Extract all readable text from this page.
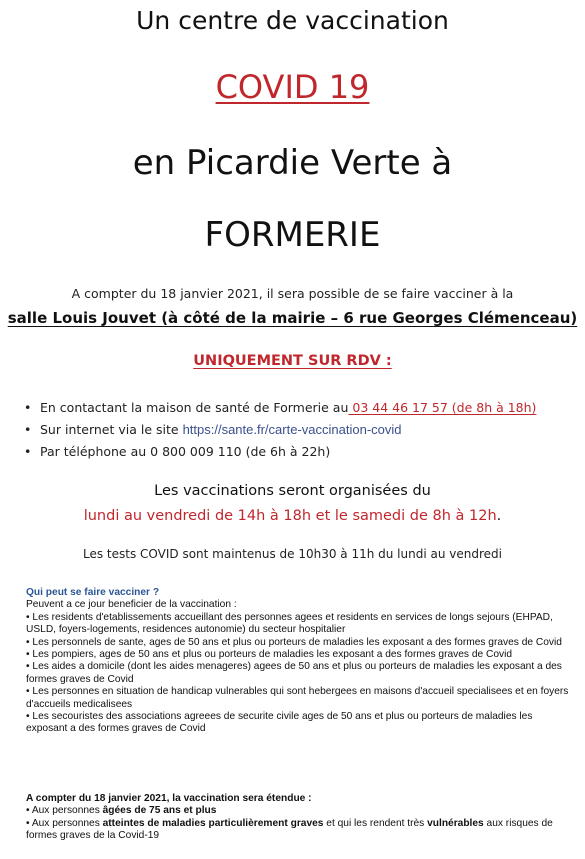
Un centre de vaccination
COVID 19
en Picardie Verte à
FORMERIE
A compter du 18 janvier 2021, il sera possible de se faire vacciner à la
salle Louis Jouvet (à côté de la mairie – 6 rue Georges Clémenceau)
UNIQUEMENT SUR RDV :
• En contactant la maison de santé de Formerie au 03 44 46 17 57 (de 8h à 18h)
• Sur internet via le site https://sante.fr/carte-vaccination-covid
• Par téléphone au 0 800 009 110 (de 6h à 22h)
Les vaccinations seront organisées du
lundi au vendredi de 14h à 18h et le samedi de 8h à 12h.
Les tests COVID sont maintenus de 10h30 à 11h du lundi au vendredi

Qui peut se faire vacciner ?

Peuvent a ce jour beneficier de la vaccination :

• Les residents d'etablissements accueillant des personnes agees et residents en services de longs sejours (EHPAD, USLD, foyers-logements, residences autonomie) du secteur hospitalier

• Les personnels de sante, ages de 50 ans et plus ou porteurs de maladies les exposant a des formes graves de Covid

• Les pompiers, ages de 50 ans et plus ou porteurs de maladies les exposant a des formes graves de Covid

• Les aides a domicile (dont les aides menageres) agees de 50 ans et plus ou porteurs de maladies les exposant a des formes graves de Covid

• Les personnes en situation de handicap vulnerables qui sont hebergees en maisons d'accueil specialisees et en foyers d'accueils medicalisees

• Les secouristes des associations agreees de securite civile ages de 50 ans et plus ou porteurs de maladies les exposant a des formes graves de Covid

A compter du 18 janvier 2021, la vaccination sera étendue :

• Aux personnes âgées de 75 ans et plus

• Aux personnes atteintes de maladies particulièrement graves et qui les rendent très vulnérables aux risques de formes graves de la Covid-19
